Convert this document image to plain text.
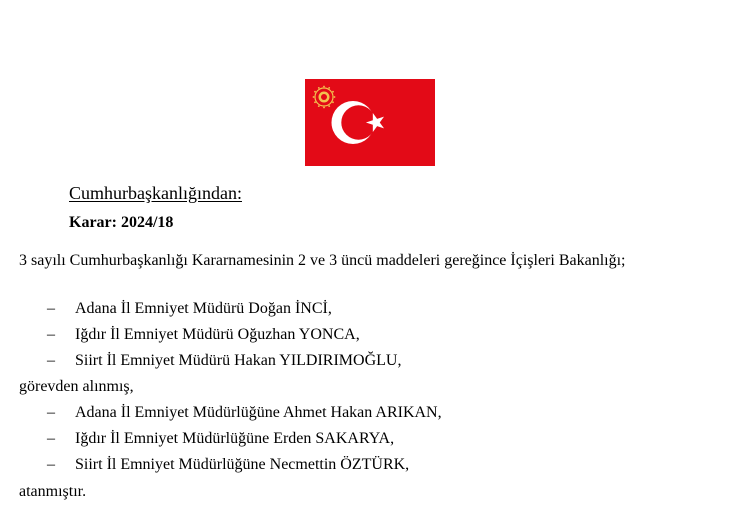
Cumhurbaşkanlığından:
Karar: 2024/18
3 sayılı Cumhurbaşkanlığı Kararnamesinin 2 ve 3 üncü maddeleri gereğince İçişleri Bakanlığı;
– Adana İl Emniyet Müdürü Doğan İNCİ,
– Iğdır İl Emniyet Müdürü Oğuzhan YONCA,
– Siirt İl Emniyet Müdürü Hakan YILDIRIMOĞLU,
görevden alınmış,
– Adana İl Emniyet Müdürlüğüne Ahmet Hakan ARIKAN,
– Iğdır İl Emniyet Müdürlüğüne Erden SAKARYA,
– Siirt İl Emniyet Müdürlüğüne Necmettin ÖZTÜRK,
atanmıştır.
